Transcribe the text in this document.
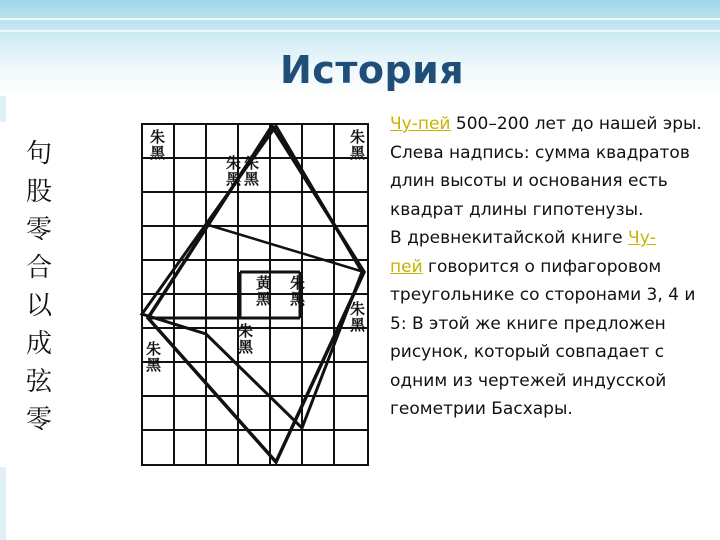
История
句股零合以成弦零
朱黑
朱黑
朱黑
朱黑
黄黑
朱黑
朱黑
朱黑
朱黑
Чу-пей 500–200 лет до нашей эры. Слева надпись: сумма квадратов длин высоты и основания есть квадрат длины гипотенузы.
В древнекитайской книге Чу-
пей говорится о пифагоровом треугольнике со сторонами 3, 4 и 5: В этой же книге предложен рисунок, который совпадает с одним из чертежей индусской геометрии Басхары.
